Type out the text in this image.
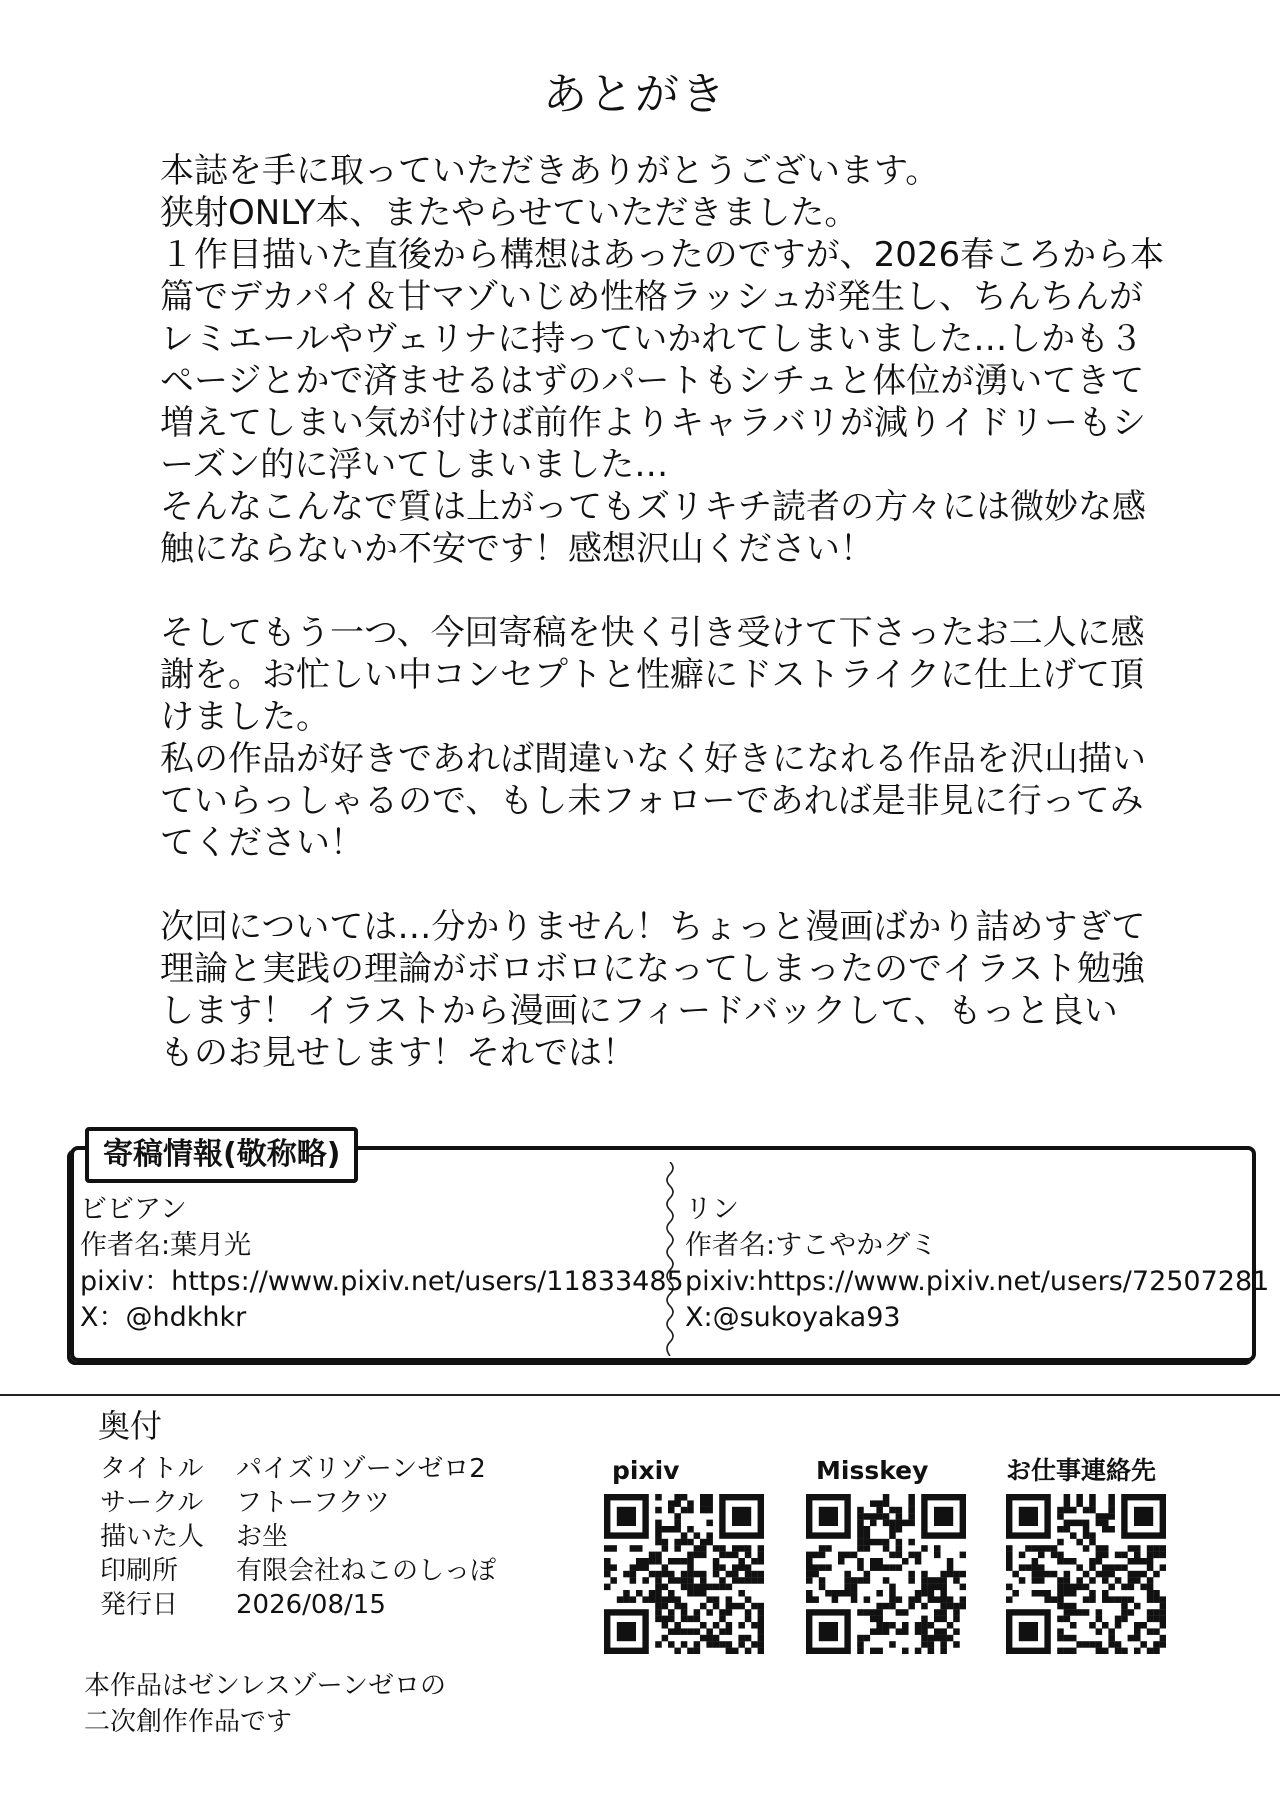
あとがき
本誌を手に取っていただきありがとうございます。
狭射ONLY本、またやらせていただきました。
１作目描いた直後から構想はあったのですが、2026春ころから本
篇でデカパイ＆甘マゾいじめ性格ラッシュが発生し、ちんちんが
レミエールやヴェリナに持っていかれてしまいました…しかも３
ページとかで済ませるはずのパートもシチュと体位が湧いてきて
増えてしまい気が付けば前作よりキャラバリが減りイドリーもシ
ーズン的に浮いてしまいました…
そんなこんなで質は上がってもズリキチ読者の方々には微妙な感
触にならないか不安です！感想沢山ください！
そしてもう一つ、今回寄稿を快く引き受けて下さったお二人に感
謝を。お忙しい中コンセプトと性癖にドストライクに仕上げて頂
けました。
私の作品が好きであれば間違いなく好きになれる作品を沢山描い
ていらっしゃるので、もし未フォローであれば是非見に行ってみ
てください！
次回については…分かりません！ちょっと漫画ばかり詰めすぎて
理論と実践の理論がボロボロになってしまったのでイラスト勉強
します！ イラストから漫画にフィードバックして、もっと良い
ものお見せします！それでは！
寄稿情報(敬称略)
ビビアン
作者名:葉月光
pixiv：https://www.pixiv.net/users/11833485
X：@hdkhkr
リン
作者名:すこやかグミ
pixiv:https://www.pixiv.net/users/72507281
X:@sukoyaka93
奥付
タイトル	パイズリゾーンゼロ2
サークル	フトーフクツ
描いた人	お坐
印刷所	有限会社ねこのしっぽ
発行日	2026/08/15
本作品はゼンレスゾーンゼロの
二次創作作品です
pixiv	Misskey	お仕事連絡先
